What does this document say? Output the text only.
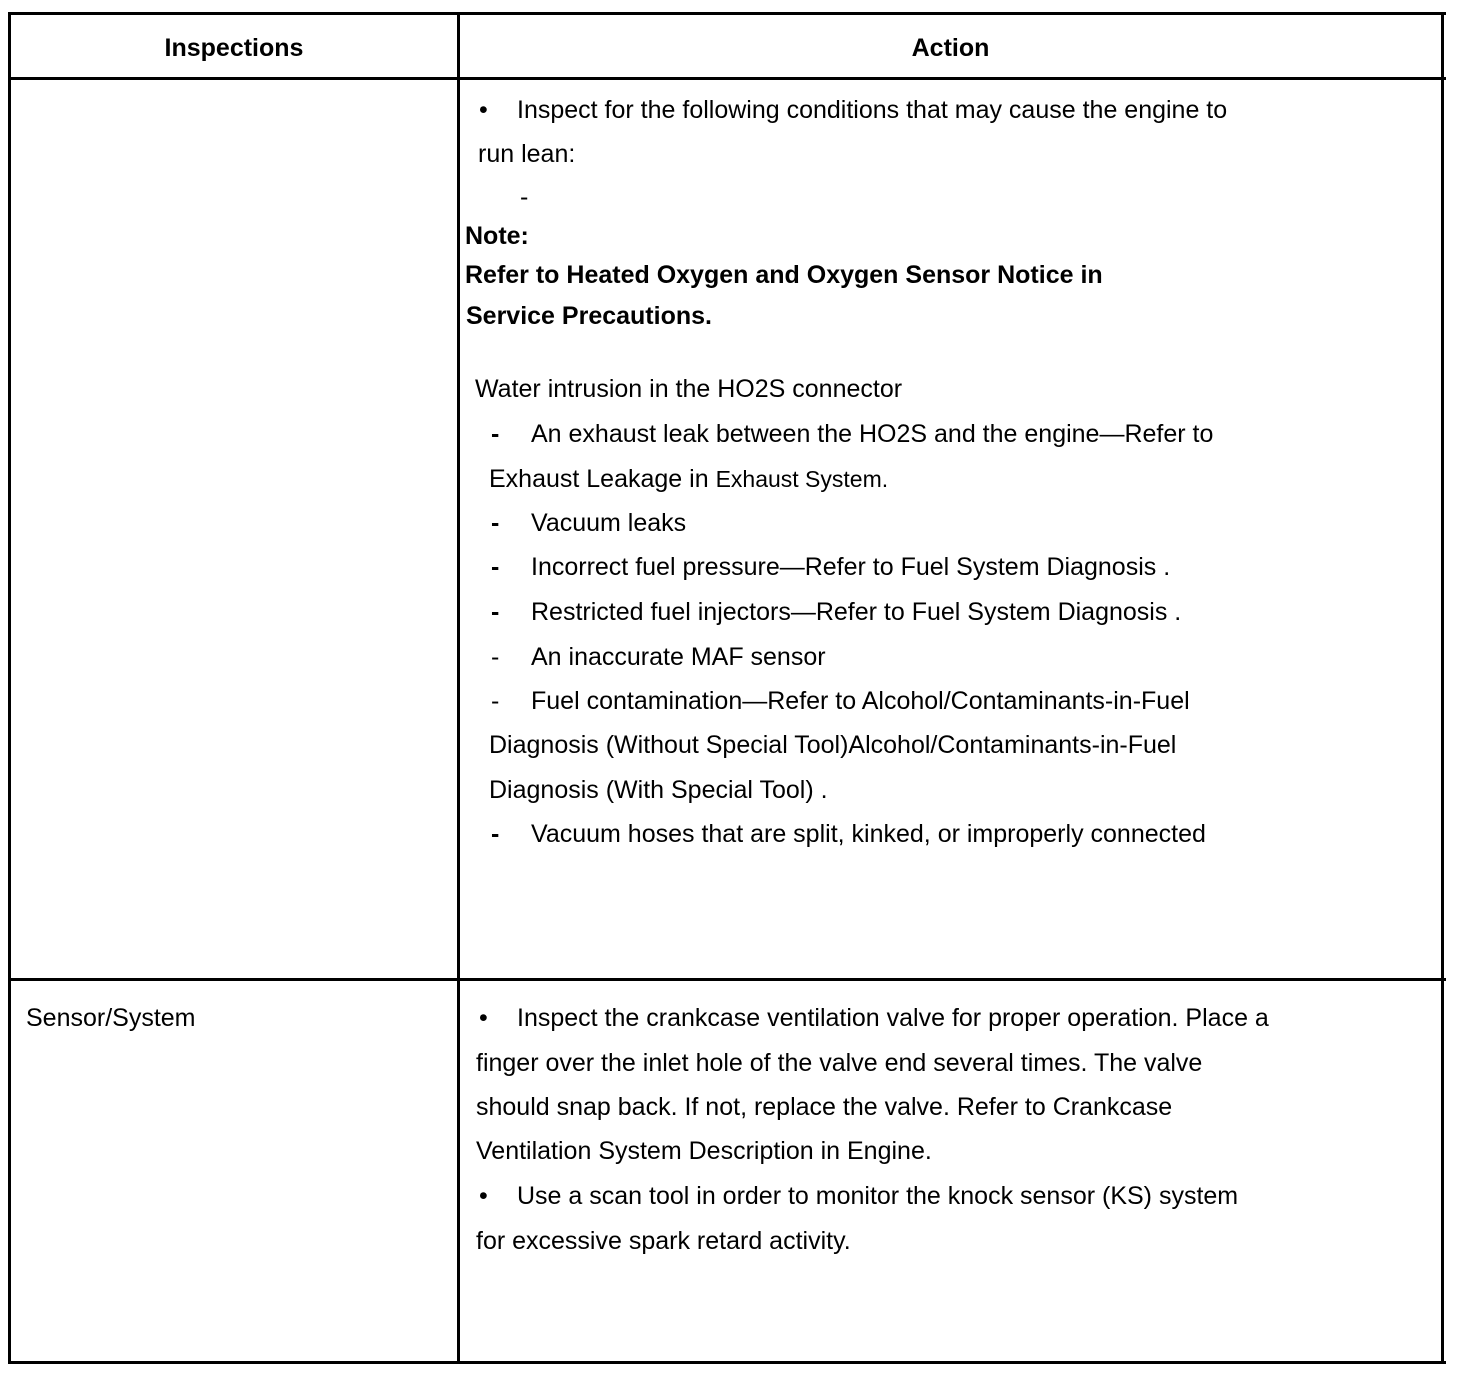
Inspections	Action
• Inspect for the following conditions that may cause the engine to
run lean:
-
Note:
Refer to Heated Oxygen and Oxygen Sensor Notice in
Service Precautions.
Water intrusion in the HO2S connector
- An exhaust leak between the HO2S and the engine—Refer to
Exhaust Leakage in Exhaust System.
- Vacuum leaks
- Incorrect fuel pressure—Refer to Fuel System Diagnosis .
- Restricted fuel injectors—Refer to Fuel System Diagnosis .
- An inaccurate MAF sensor
- Fuel contamination—Refer to Alcohol/Contaminants-in-Fuel
Diagnosis (Without Special Tool)Alcohol/Contaminants-in-Fuel
Diagnosis (With Special Tool) .
- Vacuum hoses that are split, kinked, or improperly connected
Sensor/System	• Inspect the crankcase ventilation valve for proper operation. Place a
finger over the inlet hole of the valve end several times. The valve
should snap back. If not, replace the valve. Refer to Crankcase
Ventilation System Description in Engine.
• Use a scan tool in order to monitor the knock sensor (KS) system
for excessive spark retard activity.
